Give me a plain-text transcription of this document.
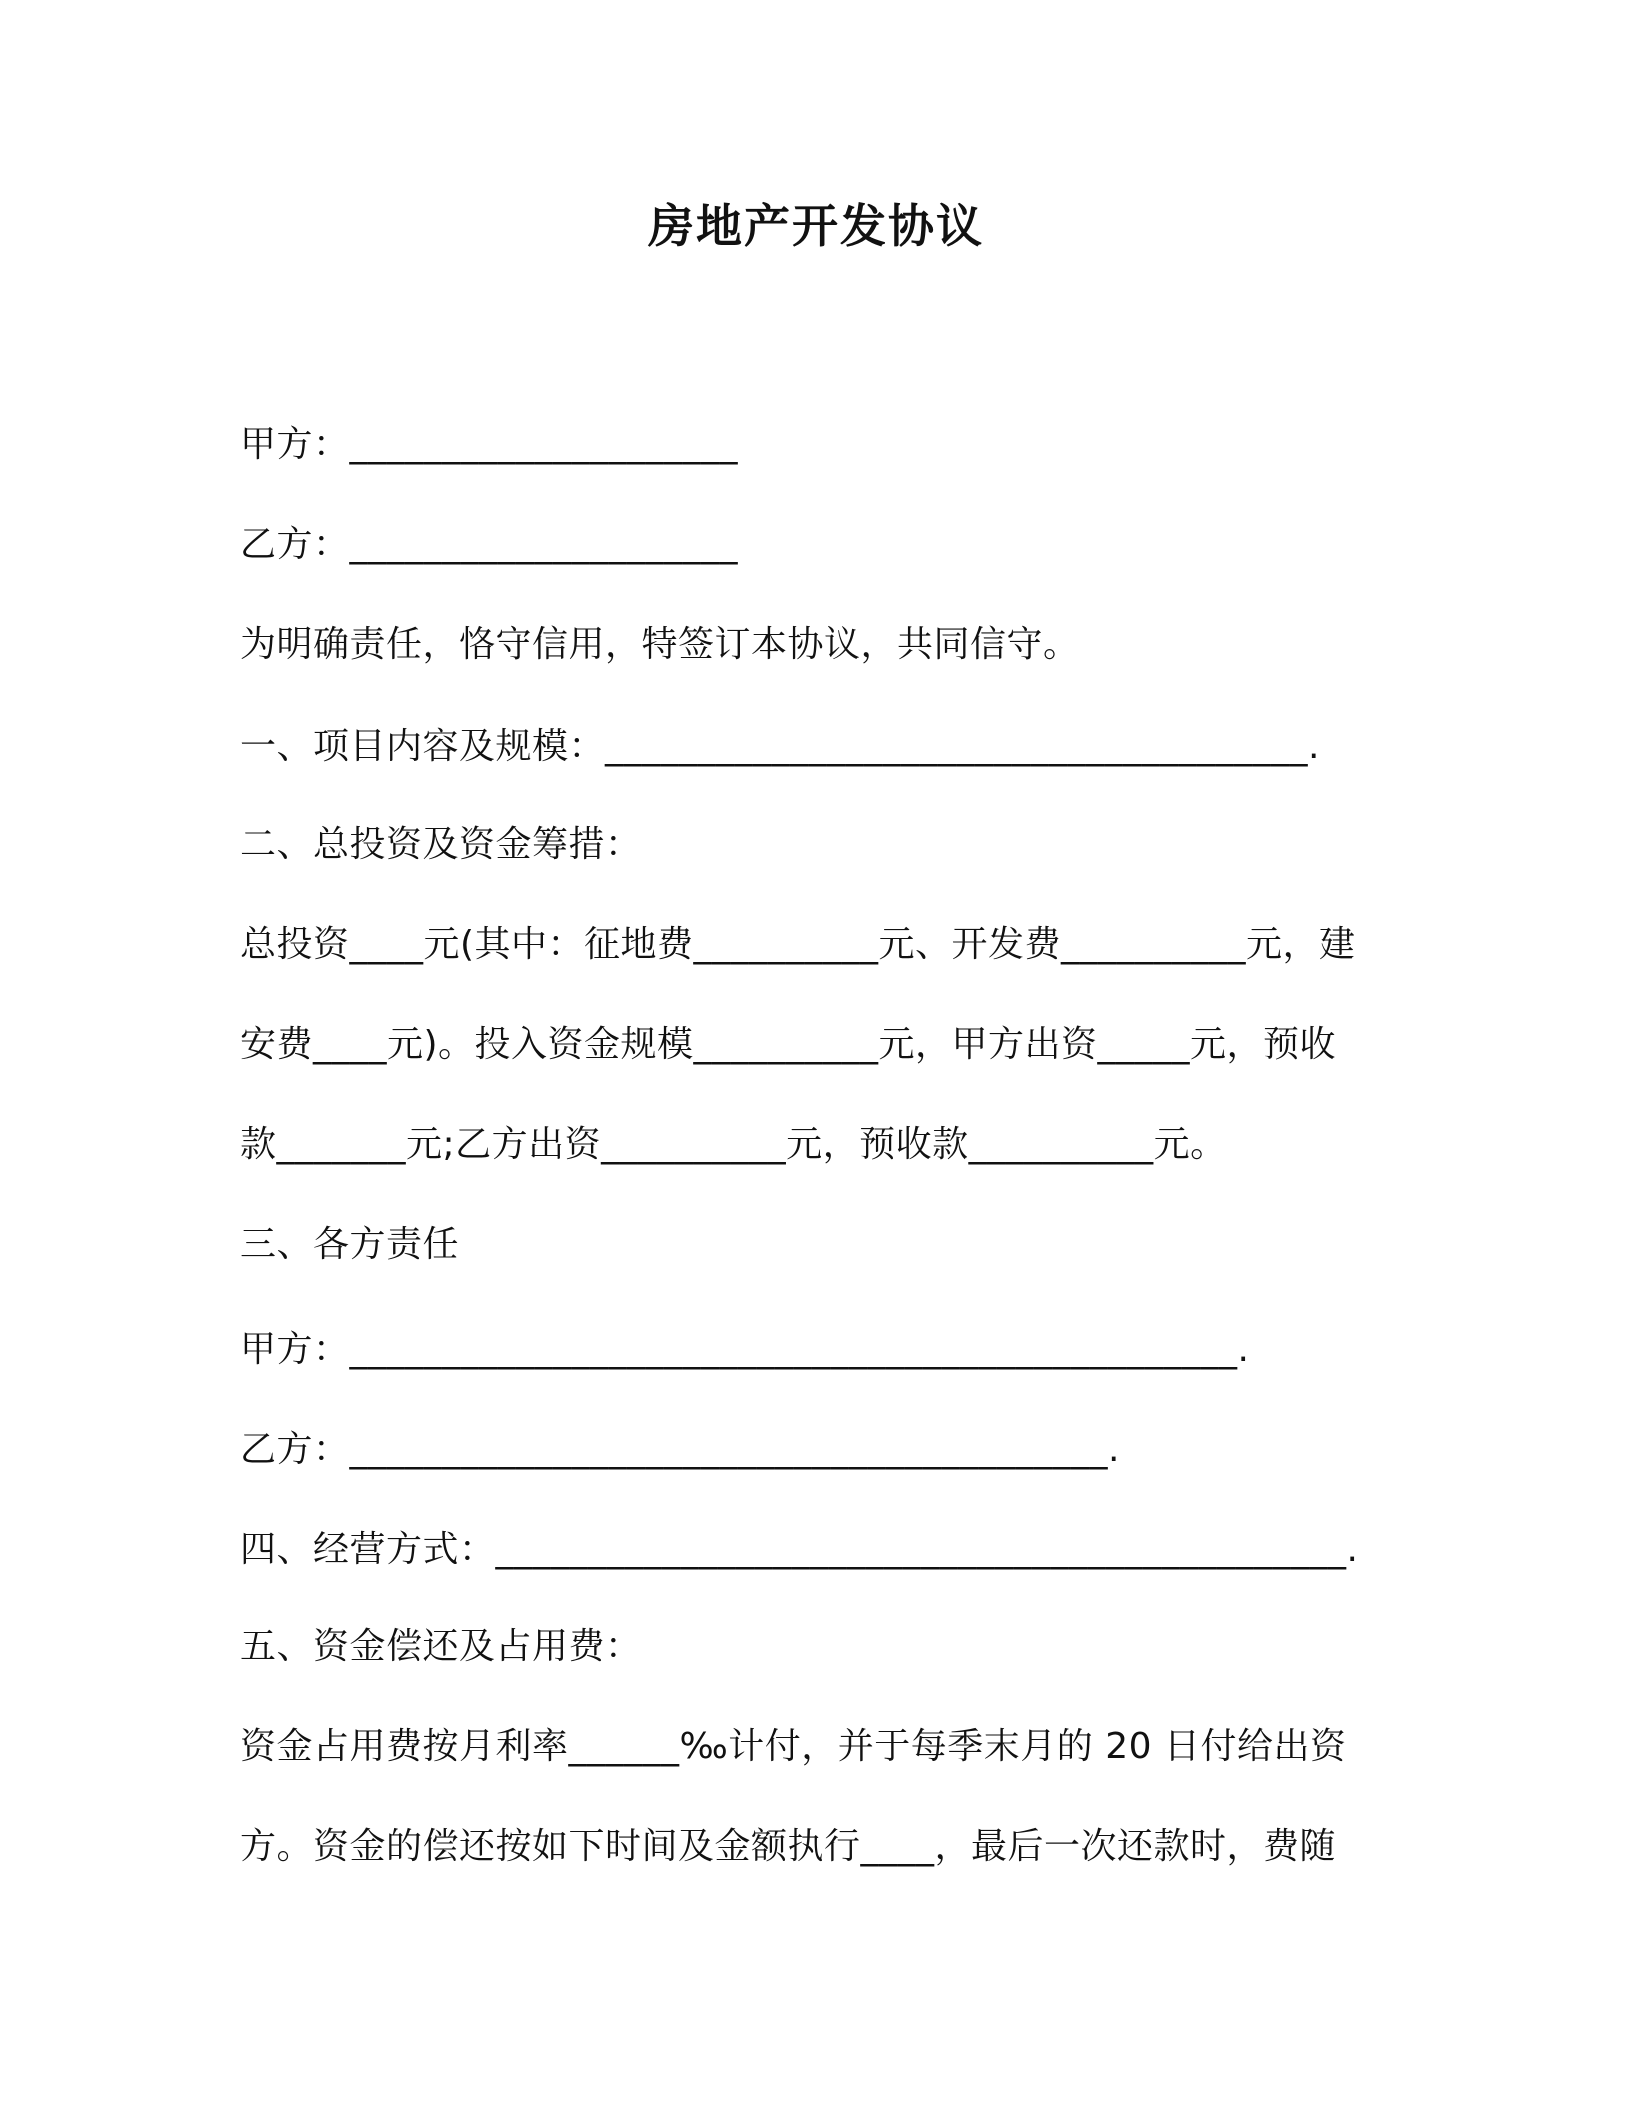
房地产开发协议
甲方：_____________________
乙方：_____________________
为明确责任，恪守信用，特签订本协议，共同信守。
一、项目内容及规模：______________________________________.
二、总投资及资金筹措：
总投资____元(其中：征地费__________元、开发费__________元，建
安费____元)。投入资金规模__________元，甲方出资_____元，预收
款_______元;乙方出资__________元，预收款__________元。
三、各方责任
甲方：________________________________________________.
乙方：_________________________________________.
四、经营方式：______________________________________________.
五、资金偿还及占用费：
资金占用费按月利率______‰计付，并于每季末月的 20 日付给出资
方。资金的偿还按如下时间及金额执行____，最后一次还款时，费随
